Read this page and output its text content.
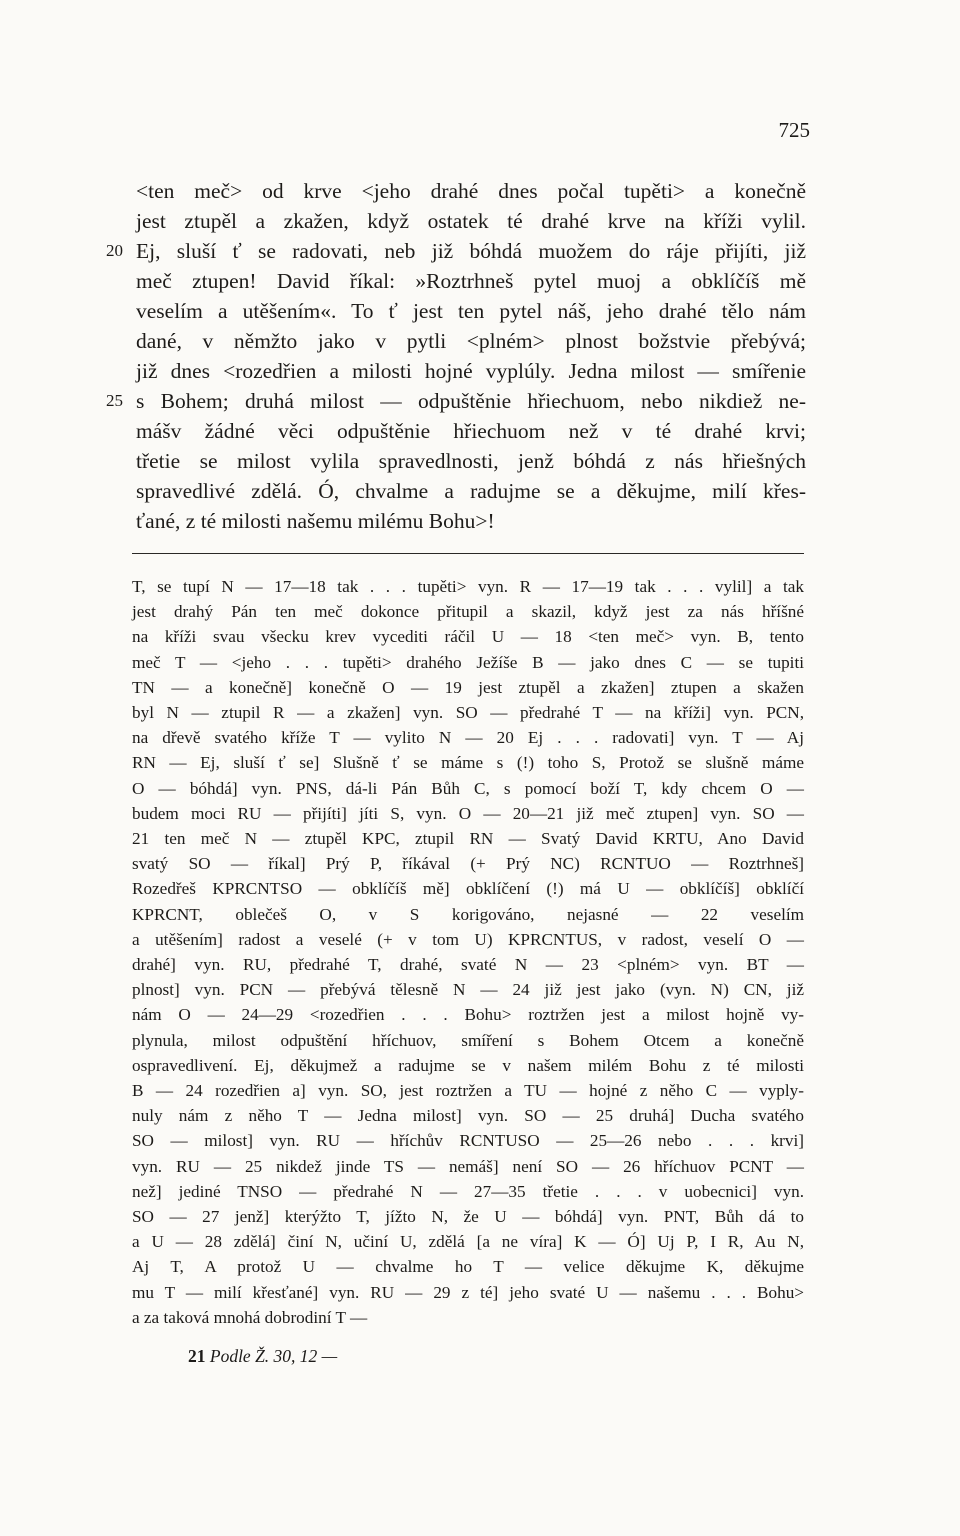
725
<ten meč> od krve <jeho drahé dnes počal tupěti> a konečně
jest ztupěl a zkažen, když ostatek té drahé krve na kříži vylil.
20 Ej, sluší ť se radovati, neb již bóhdá muožem do ráje přijíti, již
meč ztupen! David říkal: »Roztrhneš pytel muoj a obklíčíš mě
veselím a utěšením«. To ť jest ten pytel náš, jeho drahé tělo nám
dané, v němžto jako v pytli <plném> plnost božstvie přebývá;
již dnes <rozedřien a milosti hojné vyplúly. Jedna milost — smířenie
25 s Bohem; druhá milost — odpuštěnie hřiechuom, nebo nikdiež ne-
mášv žádné věci odpuštěnie hřiechuom než v té drahé krvi;
třetie se milost vylila spravedlnosti, jenž bóhdá z nás hřiešných
spravedlivé zdělá. Ó, chvalme a radujme se a děkujme, milí křes-
ťané, z té milosti našemu milému Bohu>!
T, se tupí N — 17—18 tak . . . tupěti> vyn. R — 17—19 tak . . . vylil] a tak
jest drahý Pán ten meč dokonce přitupil a skazil, když jest za nás hříšné
na kříži svau všecku krev vycediti ráčil U — 18 <ten meč> vyn. B, tento
meč T — <jeho . . . tupěti> drahého Ježíše B — jako dnes C — se tupiti
TN — a konečně] konečně O — 19 jest ztupěl a zkažen] ztupen a skažen
byl N — ztupil R — a zkažen] vyn. SO — předrahé T — na kříži] vyn. PCN,
na dřevě svatého kříže T — vylito N — 20 Ej . . . radovati] vyn. T — Aj
RN — Ej, sluší ť se] Slušně ť se máme s (!) toho S, Protož se slušně máme
O — bóhdá] vyn. PNS, dá-li Pán Bůh C, s pomocí boží T, kdy chcem O —
budem moci RU — přijíti] jíti S, vyn. O — 20—21 již meč ztupen] vyn. SO —
21 ten meč N — ztupěl KPC, ztupil RN — Svatý David KRTU, Ano David
svatý SO — říkal] Prý P, říkával (+ Prý NC) RCNTUO — Roztrhneš]
Rozedřeš KPRCNTSO — obklíčíš mě] obklíčení (!) má U — obklíčíš] obklíčí
KPRCNT, oblečeš O, v S korigováno, nejasné — 22 veselím
a utěšením] radost a veselé (+ v tom U) KPRCNTUS, v radost, veselí O —
drahé] vyn. RU, předrahé T, drahé, svaté N — 23 <plném> vyn. BT —
plnost] vyn. PCN — přebývá tělesně N — 24 již jest jako (vyn. N) CN, již
nám O — 24—29 <rozedřien . . . Bohu> roztržen jest a milost hojně vy-
plynula, milost odpuštění hříchuov, smíření s Bohem Otcem a konečně
ospravedlivení. Ej, děkujmež a radujme se v našem milém Bohu z té milosti
B — 24 rozedřien a] vyn. SO, jest roztržen a TU — hojné z něho C — vyply-
nuly nám z něho T — Jedna milost] vyn. SO — 25 druhá] Ducha svatého
SO — milost] vyn. RU — hříchův RCNTUSO — 25—26 nebo . . . krvi]
vyn. RU — 25 nikdež jinde TS — nemáš] není SO — 26 hříchuov PCNT —
než] jediné TNSO — předrahé N — 27—35 třetie . . . v uobecnici] vyn.
SO — 27 jenž] kterýžto T, jížto N, že U — bóhdá] vyn. PNT, Bůh dá to
a U — 28 zdělá] činí N, učiní U, zdělá [a ne víra] K — Ó] Uj P, I R, Au N,
Aj T, A protož U — chvalme ho T — velice děkujme K, děkujme
mu T — milí křesťané] vyn. RU — 29 z té] jeho svaté U — našemu . . . Bohu>
a za taková mnohá dobrodiní T —
21 Podle Ž. 30, 12 —
